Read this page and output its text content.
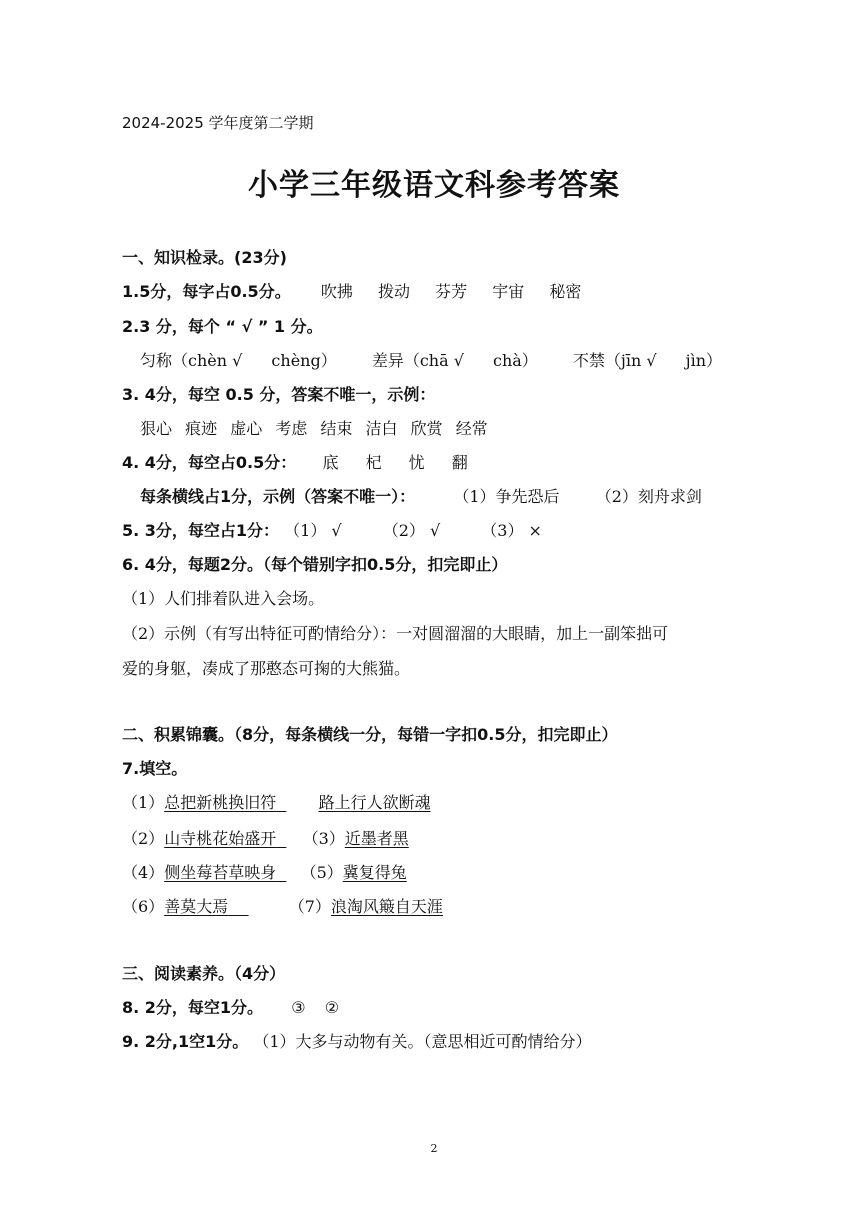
2024-2025 学年度第二学期
小学三年级语文科参考答案
一、知识检录。(23分)
1.5分，每字占0.5分。 吹拂 拨动 芬芳 宇宙 秘密
2.3 分，每个 “ √ ” 1 分。
匀称（chèn √ chèng） 差异（chā √ chà） 不禁（jīn √ jìn）
3. 4分，每空 0.5 分，答案不唯一，示例：
狠心 痕迹 虚心 考虑 结束 洁白 欣赏 经常
4. 4分，每空占0.5分： 底 杞 忧 翻
每条横线占1分，示例（答案不唯一）： （1）争先恐后 （2）刻舟求剑
5. 3分，每空占1分： （1） √	（2） √	（3） ×
6. 4分，每题2分。（每个错别字扣0.5分，扣完即止）
（1）人们排着队进入会场。
（2）示例（有写出特征可酌情给分）：一对圆溜溜的大眼睛，加上一副笨拙可
爱的身躯，凑成了那憨态可掬的大熊猫。
二、积累锦囊。（8分，每条横线一分，每错一字扣0.5分，扣完即止）
7.填空。
（1）总把新桃换旧符	路上行人欲断魂
（2）山寺桃花始盛开 （3）近墨者黑
（4）侧坐莓苔草映身 （5）冀复得兔
（6）善莫大焉	（7）浪淘风簸自天涯
三、阅读素养。（4分）
8. 2分，每空1分。 ③ ②
9. 2分,1空1分。 （1）大多与动物有关。（意思相近可酌情给分）
2
